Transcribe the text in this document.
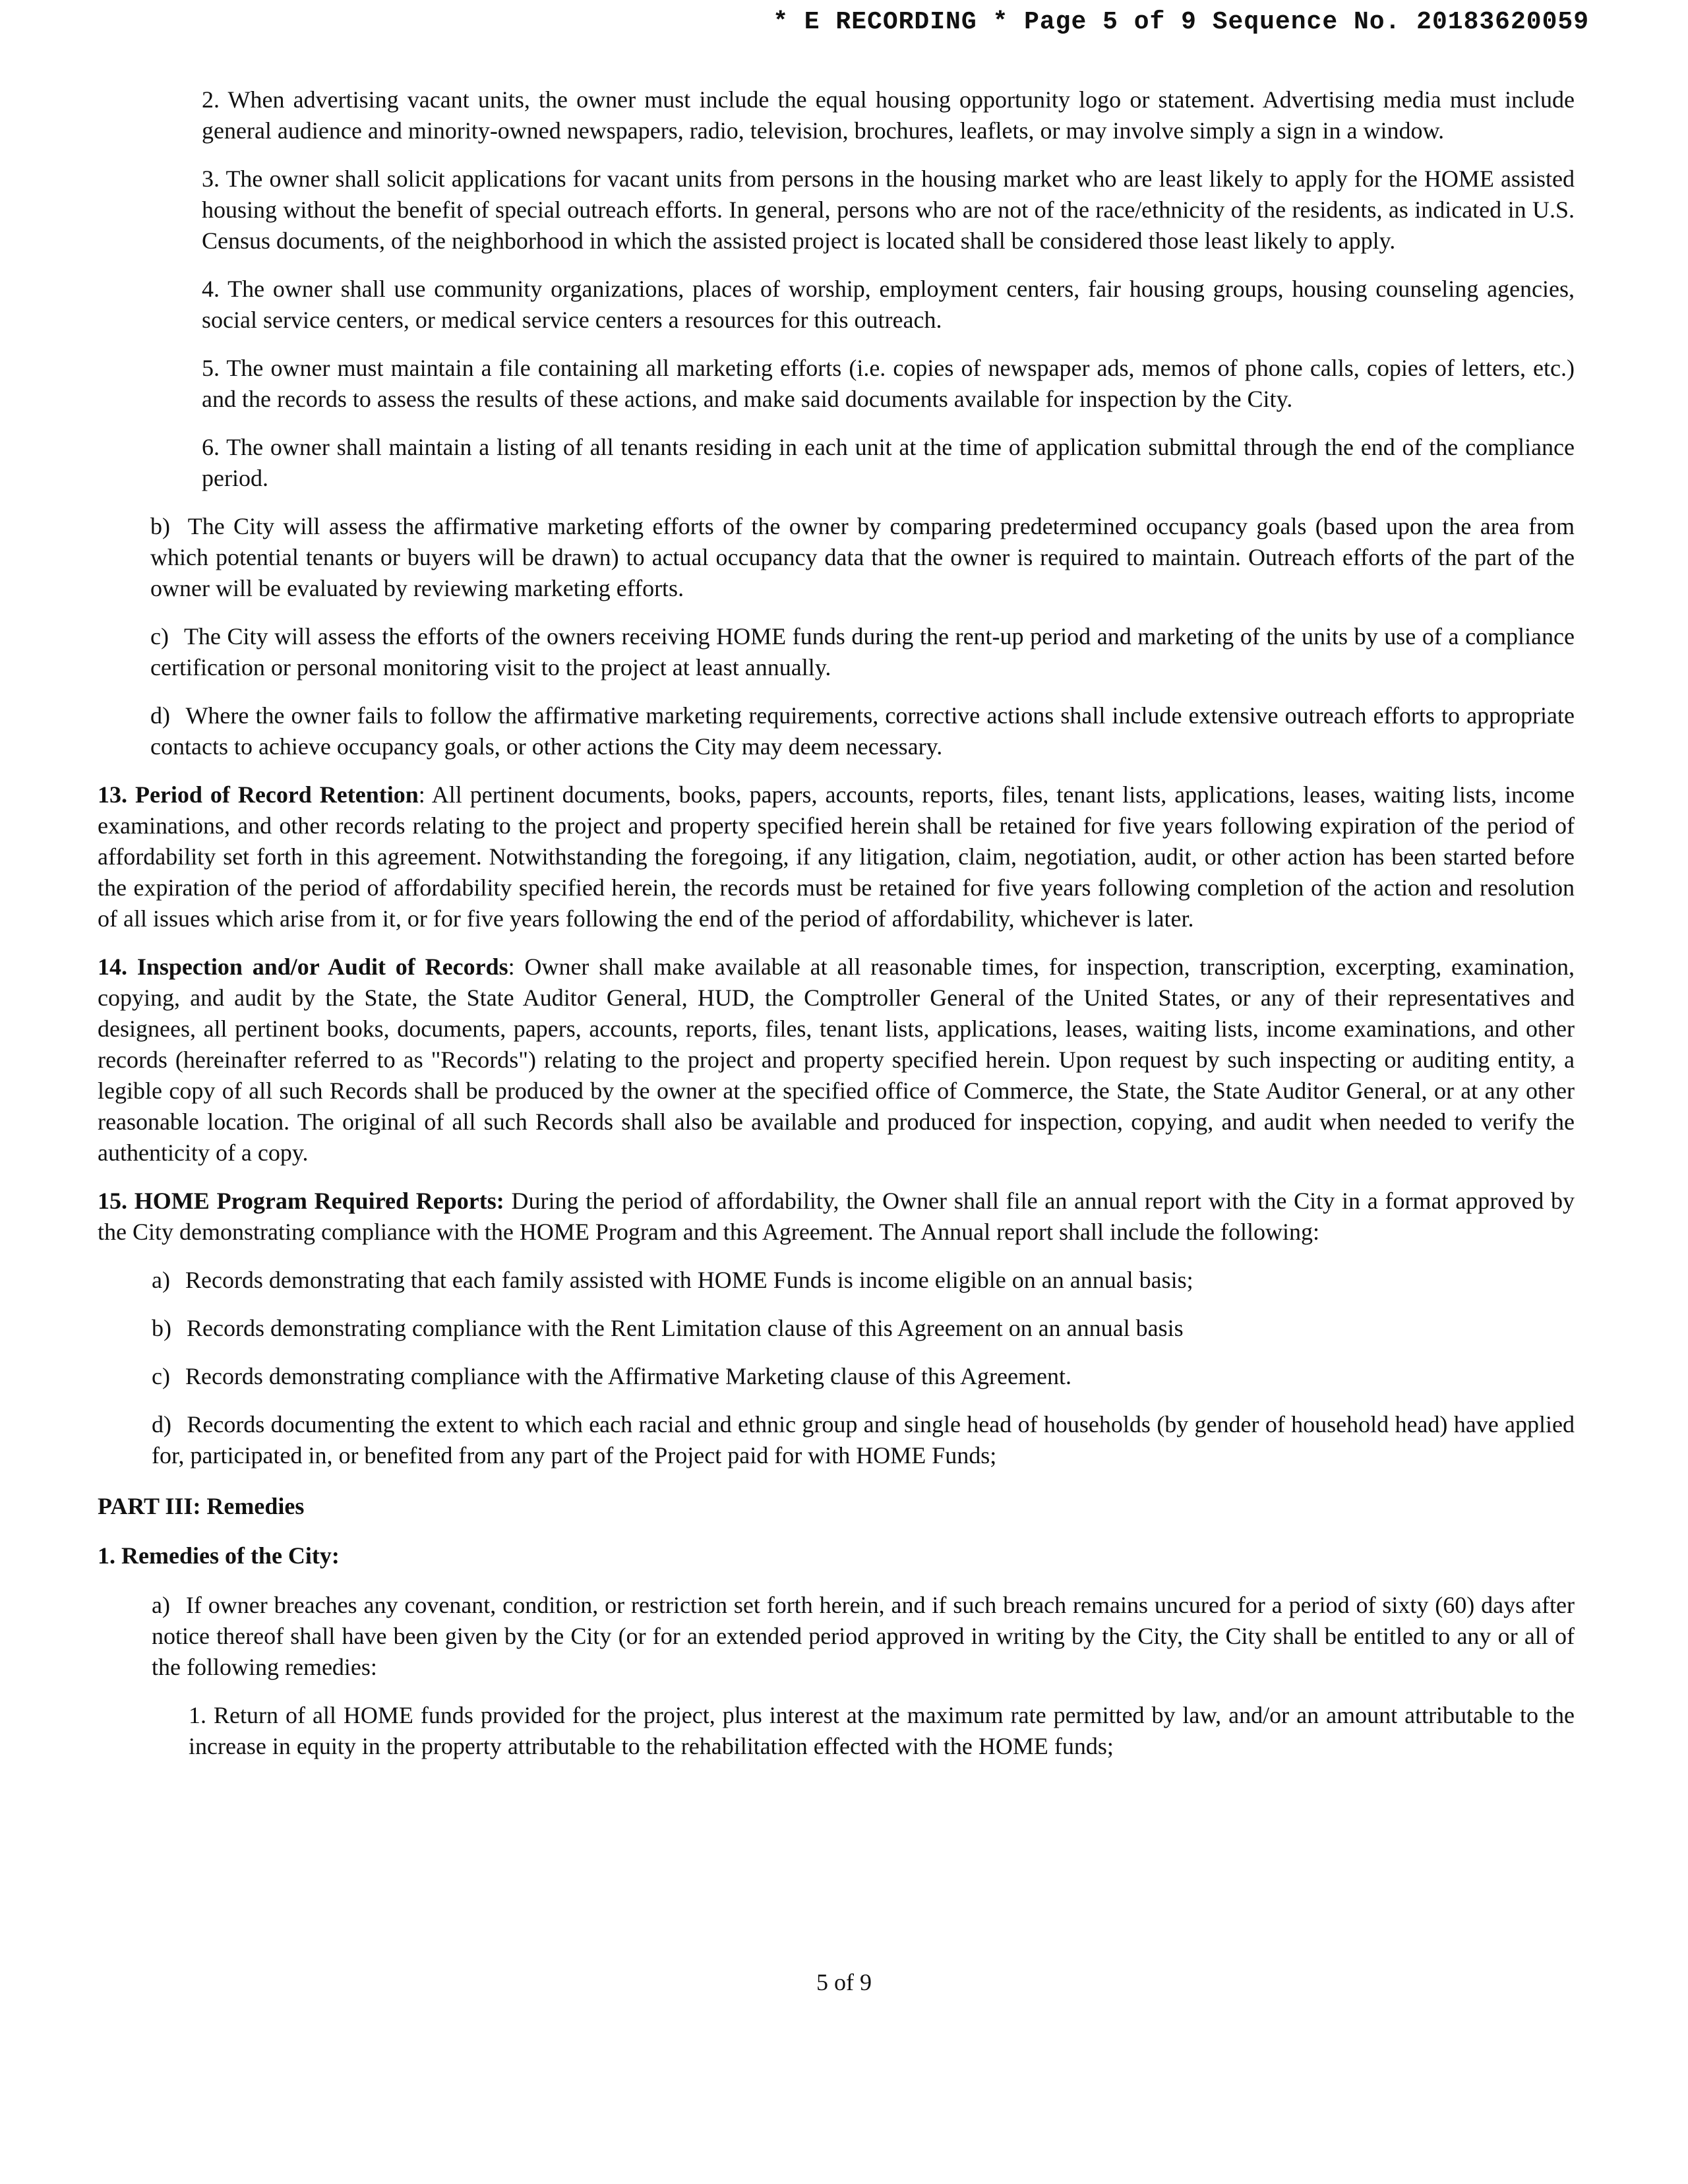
* E RECORDING * Page 5 of 9 Sequence No. 20183620059

2. When advertising vacant units, the owner must include the equal housing opportunity logo or statement. Advertising media must include general audience and minority-owned newspapers, radio, television, brochures, leaflets, or may involve simply a sign in a window.

3. The owner shall solicit applications for vacant units from persons in the housing market who are least likely to apply for the HOME assisted housing without the benefit of special outreach efforts. In general, persons who are not of the race/ethnicity of the residents, as indicated in U.S. Census documents, of the neighborhood in which the assisted project is located shall be considered those least likely to apply.

4. The owner shall use community organizations, places of worship, employment centers, fair housing groups, housing counseling agencies, social service centers, or medical service centers a resources for this outreach.

5. The owner must maintain a file containing all marketing efforts (i.e. copies of newspaper ads, memos of phone calls, copies of letters, etc.) and the records to assess the results of these actions, and make said documents available for inspection by the City.

6. The owner shall maintain a listing of all tenants residing in each unit at the time of application submittal through the end of the compliance period.

b) The City will assess the affirmative marketing efforts of the owner by comparing predetermined occupancy goals (based upon the area from which potential tenants or buyers will be drawn) to actual occupancy data that the owner is required to maintain. Outreach efforts of the part of the owner will be evaluated by reviewing marketing efforts.

c) The City will assess the efforts of the owners receiving HOME funds during the rent-up period and marketing of the units by use of a compliance certification or personal monitoring visit to the project at least annually.

d) Where the owner fails to follow the affirmative marketing requirements, corrective actions shall include extensive outreach efforts to appropriate contacts to achieve occupancy goals, or other actions the City may deem necessary.

13. Period of Record Retention: All pertinent documents, books, papers, accounts, reports, files, tenant lists, applications, leases, waiting lists, income examinations, and other records relating to the project and property specified herein shall be retained for five years following expiration of the period of affordability set forth in this agreement. Notwithstanding the foregoing, if any litigation, claim, negotiation, audit, or other action has been started before the expiration of the period of affordability specified herein, the records must be retained for five years following completion of the action and resolution of all issues which arise from it, or for five years following the end of the period of affordability, whichever is later.

14. Inspection and/or Audit of Records: Owner shall make available at all reasonable times, for inspection, transcription, excerpting, examination, copying, and audit by the State, the State Auditor General, HUD, the Comptroller General of the United States, or any of their representatives and designees, all pertinent books, documents, papers, accounts, reports, files, tenant lists, applications, leases, waiting lists, income examinations, and other records (hereinafter referred to as "Records") relating to the project and property specified herein. Upon request by such inspecting or auditing entity, a legible copy of all such Records shall be produced by the owner at the specified office of Commerce, the State, the State Auditor General, or at any other reasonable location. The original of all such Records shall also be available and produced for inspection, copying, and audit when needed to verify the authenticity of a copy.

15. HOME Program Required Reports: During the period of affordability, the Owner shall file an annual report with the City in a format approved by the City demonstrating compliance with the HOME Program and this Agreement. The Annual report shall include the following:

a) Records demonstrating that each family assisted with HOME Funds is income eligible on an annual basis;

b) Records demonstrating compliance with the Rent Limitation clause of this Agreement on an annual basis

c) Records demonstrating compliance with the Affirmative Marketing clause of this Agreement.

d) Records documenting the extent to which each racial and ethnic group and single head of households (by gender of household head) have applied for, participated in, or benefited from any part of the Project paid for with HOME Funds;

PART III: Remedies

1. Remedies of the City:

a) If owner breaches any covenant, condition, or restriction set forth herein, and if such breach remains uncured for a period of sixty (60) days after notice thereof shall have been given by the City (or for an extended period approved in writing by the City, the City shall be entitled to any or all of the following remedies:

1. Return of all HOME funds provided for the project, plus interest at the maximum rate permitted by law, and/or an amount attributable to the increase in equity in the property attributable to the rehabilitation effected with the HOME funds;

5 of 9
